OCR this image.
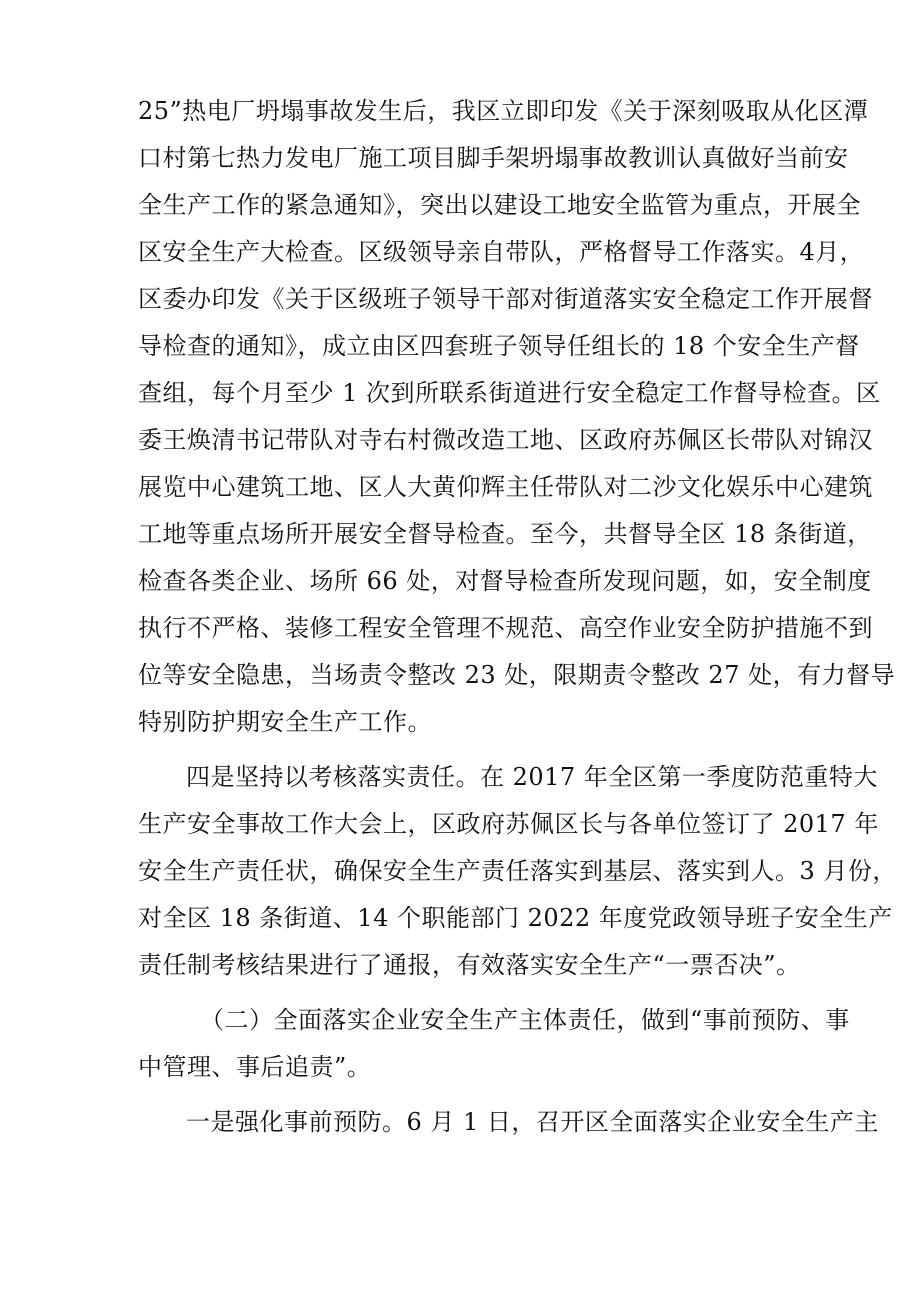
25”热电厂坍塌事故发生后，我区立即印发《关于深刻吸取从化区潭
口村第七热力发电厂施工项目脚手架坍塌事故教训认真做好当前安
全生产工作的紧急通知》，突出以建设工地安全监管为重点，开展全
区安全生产大检查。区级领导亲自带队，严格督导工作落实。4月，
区委办印发《关于区级班子领导干部对街道落实安全稳定工作开展督
导检查的通知》，成立由区四套班子领导任组长的 18 个安全生产督
查组，每个月至少 1 次到所联系街道进行安全稳定工作督导检查。区
委王焕清书记带队对寺右村微改造工地、区政府苏佩区长带队对锦汉
展览中心建筑工地、区人大黄仰辉主任带队对二沙文化娱乐中心建筑
工地等重点场所开展安全督导检查。至今，共督导全区 18 条街道，
检查各类企业、场所 66 处，对督导检查所发现问题，如，安全制度
执行不严格、装修工程安全管理不规范、高空作业安全防护措施不到
位等安全隐患，当场责令整改 23 处，限期责令整改 27 处，有力督导
特别防护期安全生产工作。
四是坚持以考核落实责任。在 2017 年全区第一季度防范重特大
生产安全事故工作大会上，区政府苏佩区长与各单位签订了 2017 年
安全生产责任状，确保安全生产责任落实到基层、落实到人。3 月份，
对全区 18 条街道、14 个职能部门 2022 年度党政领导班子安全生产
责任制考核结果进行了通报，有效落实安全生产“一票否决”。
（二）全面落实企业安全生产主体责任，做到“事前预防、事
中管理、事后追责”。
一是强化事前预防。6 月 1 日，召开区全面落实企业安全生产主
